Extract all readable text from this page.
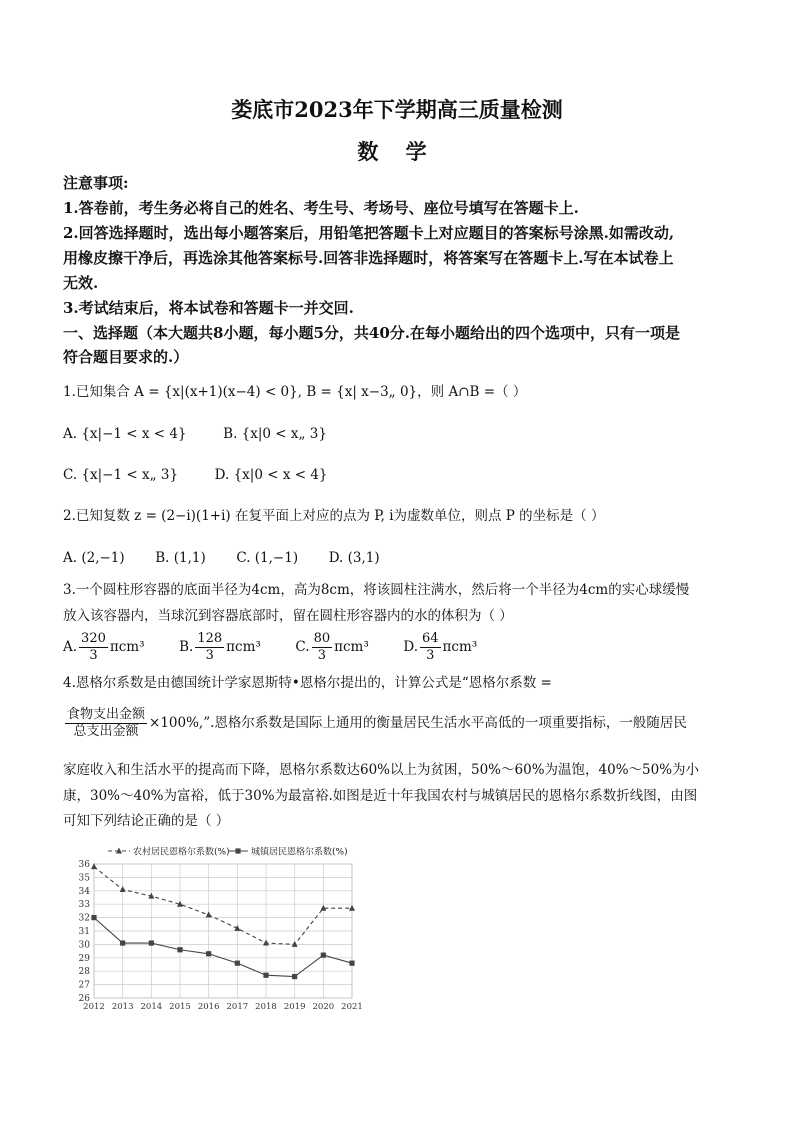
娄底市2023年下学期高三质量检测
数 学
注意事项:
1.答卷前，考生务必将自己的姓名、考生号、考场号、座位号填写在答题卡上.
2.回答选择题时，选出每小题答案后，用铅笔把答题卡上对应题目的答案标号涂黑.如需改动,
用橡皮擦干净后，再选涂其他答案标号.回答非选择题时，将答案写在答题卡上.写在本试卷上
无效.
3.考试结束后，将本试卷和答题卡一并交回.
一、选择题（本大题共8小题，每小题5分，共40分.在每小题给出的四个选项中，只有一项是
符合题目要求的.）
1.已知集合 A = {x|(x+1)(x−4) < 0}, B = {x| x−3„ 0}，则 A∩B =（ ）
A. {x|−1 < x < 4}	B. {x|0 < x„ 3}
C. {x|−1 < x„ 3}	D. {x|0 < x < 4}
2.已知复数 z = (2−i)(1+i) 在复平面上对应的点为 P, i为虚数单位，则点 P 的坐标是（ ）
A. (2,−1) B. (1,1) C. (1,−1) D. (3,1)
3.一个圆柱形容器的底面半径为4cm，高为8cm，将该圆柱注满水，然后将一个半径为4cm的实心球缓慢
放入该容器内，当球沉到容器底部时，留在圆柱形容器内的水的体积为（ ）
A. $\frac{320}{3} \pi cm^3$	B. $\frac{128}{3} \pi cm^3$	C. $\frac{80}{3} \pi cm^3$	D. $\frac{64}{3} \pi cm^3$
4.恩格尔系数是由德国统计学家恩斯特•恩格尔提出的，计算公式是“恩格尔系数 =
$\frac{\text{食物支出金额}}{\text{总支出金额}} \times 100\%$,”.恩格尔系数是国际上通用的衡量居民生活水平高低的一项重要指标，一般随居民
家庭收入和生活水平的提高而下降，恩格尔系数达60%以上为贫困，50%～60%为温饱，40%～50%为小
康，30%～40%为富裕，低于30%为最富裕.如图是近十年我国农村与城镇居民的恩格尔系数折线图，由图
可知下列结论正确的是（ ）
26
27
28
29
30
31
32
33
34
35
36
2012 2013 2014 2015 2016 2017 2018 2019 2020 2021
农村居民恩格尔系数(%) 城镇居民恩格尔系数(%)
